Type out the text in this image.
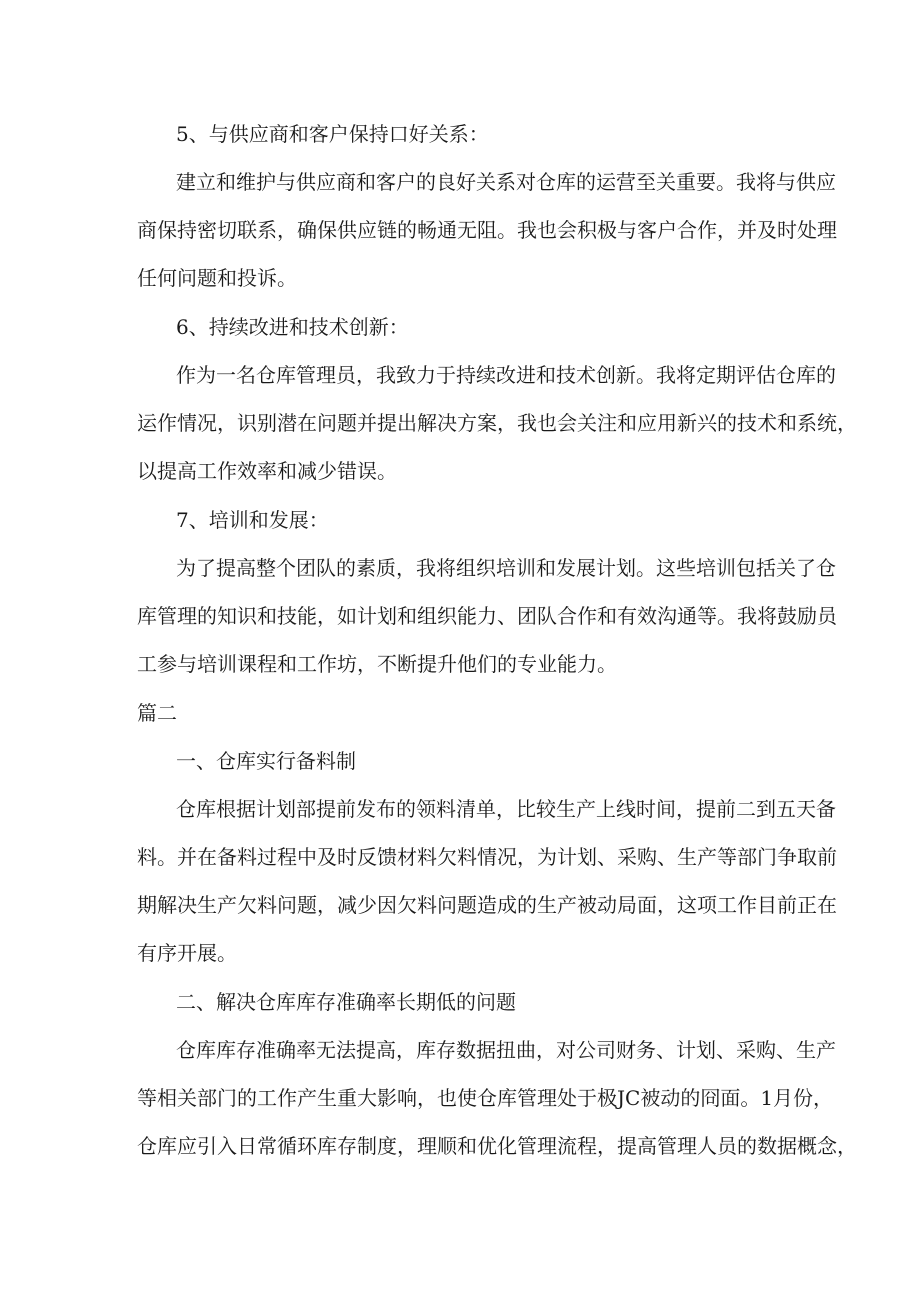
5、与供应商和客户保持口好关系：
建立和维护与供应商和客户的良好关系对仓库的运营至关重要。我将与供应
商保持密切联系，确保供应链的畅通无阻。我也会积极与客户合作，并及时处理
任何问题和投诉。
6、持续改进和技术创新：
作为一名仓库管理员，我致力于持续改进和技术创新。我将定期评估仓库的
运作情况，识别潜在问题并提出解决方案，我也会关注和应用新兴的技术和系统，
以提高工作效率和减少错误。
7、培训和发展：
为了提高整个团队的素质，我将组织培训和发展计划。这些培训包括关了仓
库管理的知识和技能，如计划和组织能力、团队合作和有效沟通等。我将鼓励员
工参与培训课程和工作坊，不断提升他们的专业能力。
篇二
一、仓库实行备料制
仓库根据计划部提前发布的领料清单，比较生产上线时间，提前二到五天备
料。并在备料过程中及时反馈材料欠料情况，为计划、采购、生产等部门争取前
期解决生产欠料问题，减少因欠料问题造成的生产被动局面，这项工作目前正在
有序开展。
二、解决仓库库存准确率长期低的问题
仓库库存准确率无法提高，库存数据扭曲，对公司财务、计划、采购、生产
等相关部门的工作产生重大影响，也使仓库管理处于极JC被动的冏面。1月份，
仓库应引入日常循环库存制度，理顺和优化管理流程，提高管理人员的数据概念，
